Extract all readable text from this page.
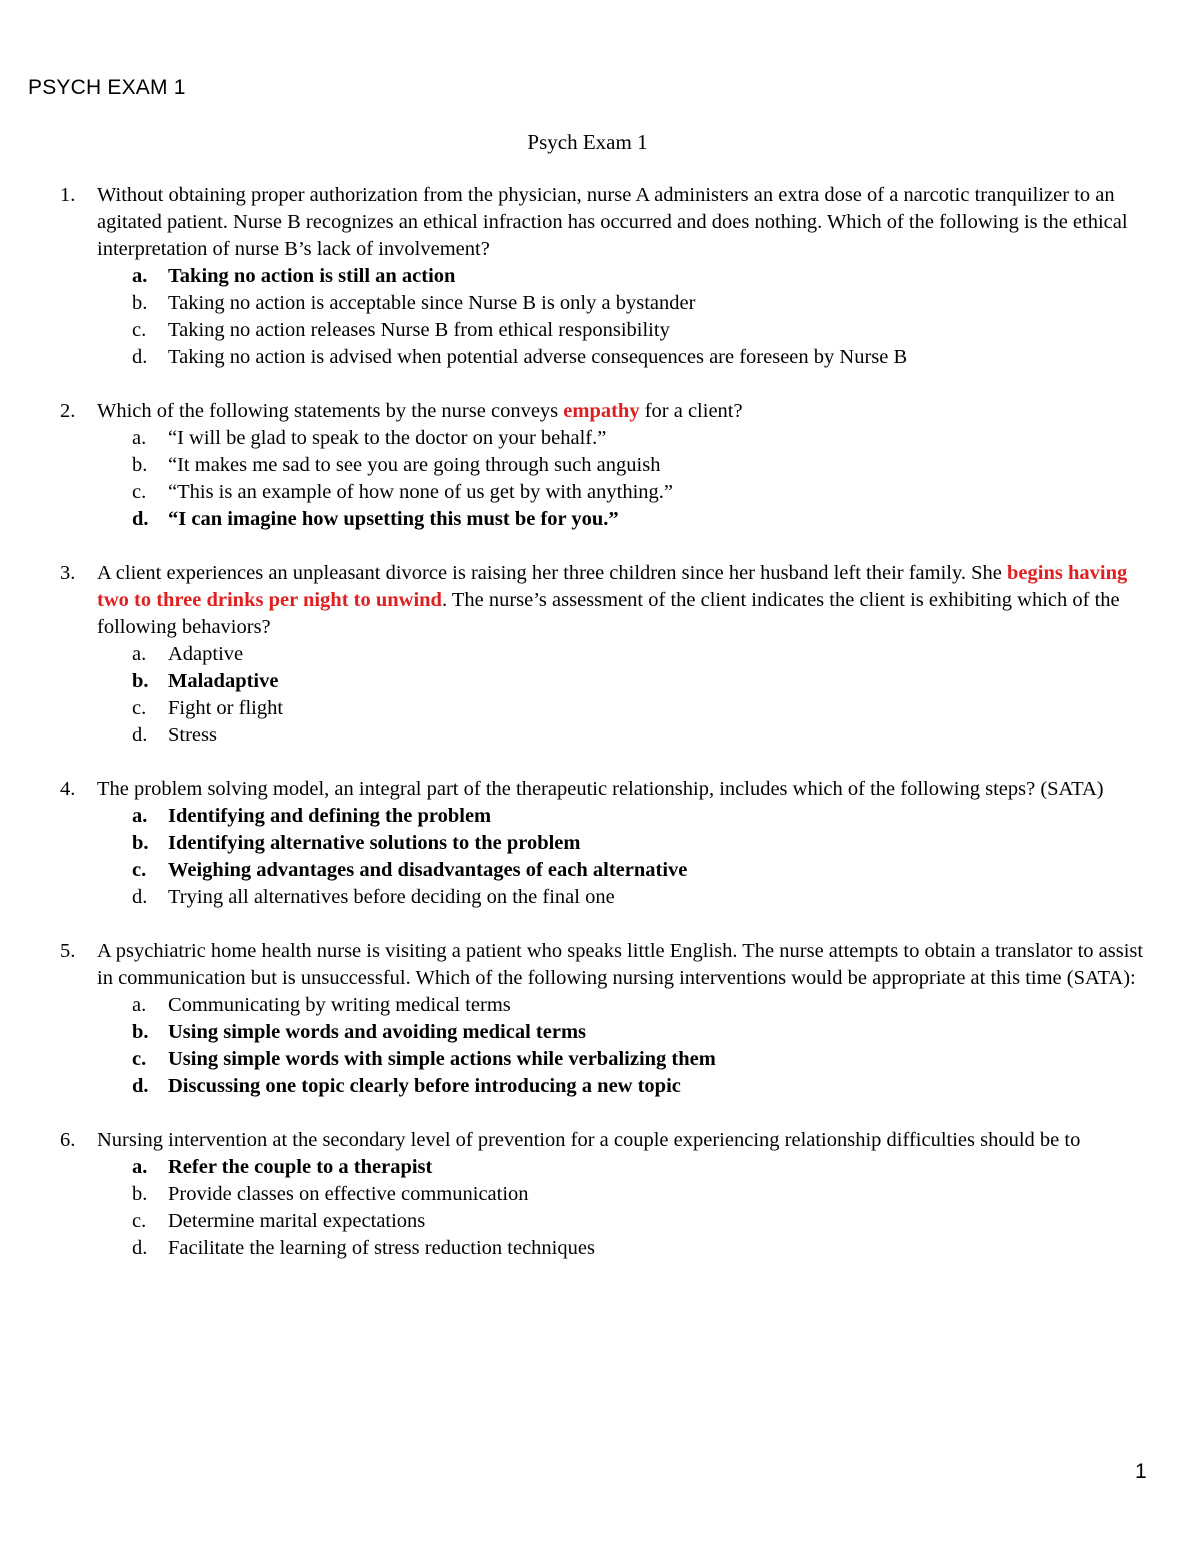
PSYCH EXAM 1
Psych Exam 1
1. Without obtaining proper authorization from the physician, nurse A administers an extra dose of a narcotic tranquilizer to an agitated patient. Nurse B recognizes an ethical infraction has occurred and does nothing. Which of the following is the ethical interpretation of nurse B’s lack of involvement?
a. Taking no action is still an action
b. Taking no action is acceptable since Nurse B is only a bystander
c. Taking no action releases Nurse B from ethical responsibility
d. Taking no action is advised when potential adverse consequences are foreseen by Nurse B
2. Which of the following statements by the nurse conveys empathy for a client?
a. “I will be glad to speak to the doctor on your behalf.”
b. “It makes me sad to see you are going through such anguish
c. “This is an example of how none of us get by with anything.”
d. “I can imagine how upsetting this must be for you.”
3. A client experiences an unpleasant divorce is raising her three children since her husband left their family. She begins having two to three drinks per night to unwind. The nurse’s assessment of the client indicates the client is exhibiting which of the following behaviors?
a. Adaptive
b. Maladaptive
c. Fight or flight
d. Stress
4. The problem solving model, an integral part of the therapeutic relationship, includes which of the following steps? (SATA)
a. Identifying and defining the problem
b. Identifying alternative solutions to the problem
c. Weighing advantages and disadvantages of each alternative
d. Trying all alternatives before deciding on the final one
5. A psychiatric home health nurse is visiting a patient who speaks little English. The nurse attempts to obtain a translator to assist in communication but is unsuccessful. Which of the following nursing interventions would be appropriate at this time (SATA):
a. Communicating by writing medical terms
b. Using simple words and avoiding medical terms
c. Using simple words with simple actions while verbalizing them
d. Discussing one topic clearly before introducing a new topic
6. Nursing intervention at the secondary level of prevention for a couple experiencing relationship difficulties should be to
a. Refer the couple to a therapist
b. Provide classes on effective communication
c. Determine marital expectations
d. Facilitate the learning of stress reduction techniques
1
